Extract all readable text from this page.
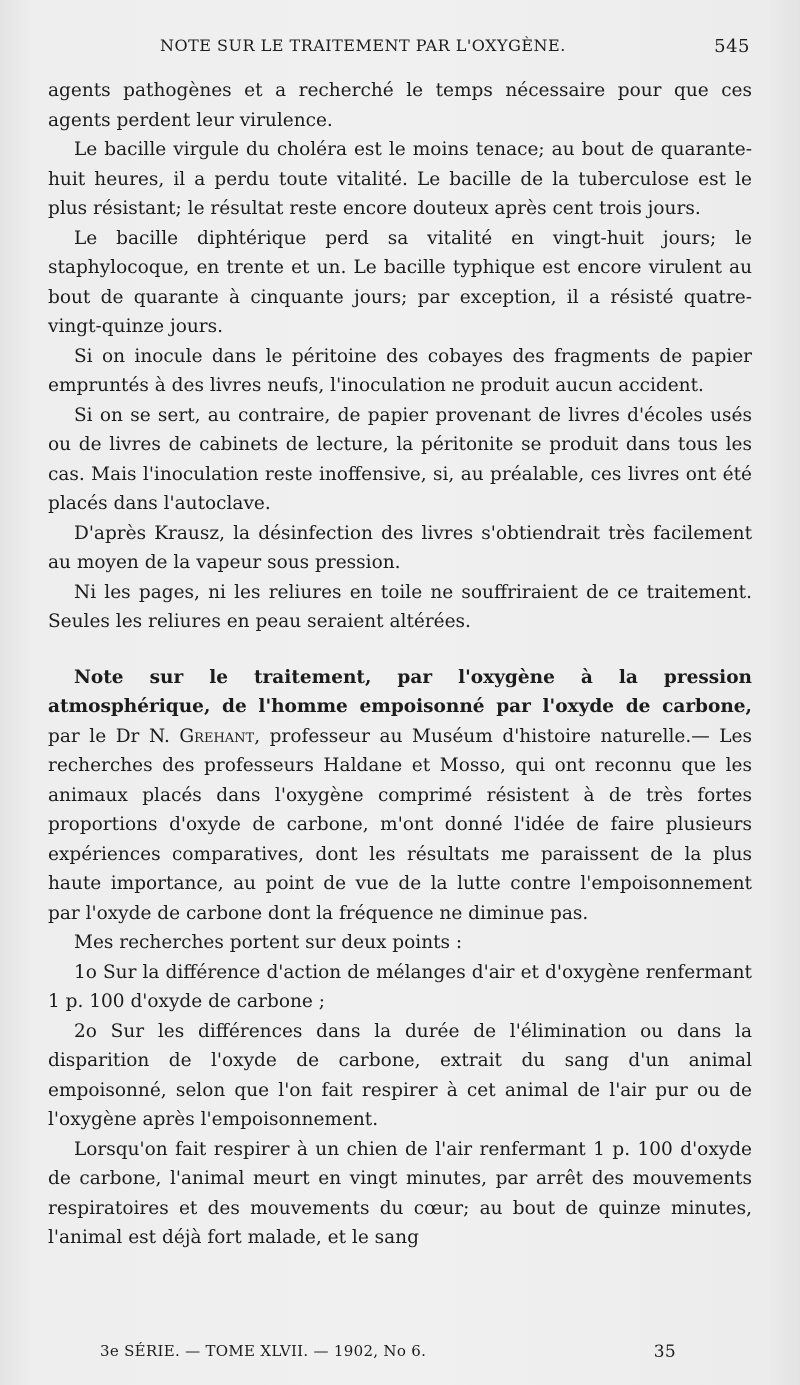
NOTE SUR LE TRAITEMENT PAR L'OXYGÈNE.	545

agents pathogènes et a recherché le temps nécessaire pour que ces agents perdent leur virulence.

Le bacille virgule du choléra est le moins tenace; au bout de quarante-huit heures, il a perdu toute vitalité. Le bacille de la tuberculose est le plus résistant; le résultat reste encore douteux après cent trois jours.

Le bacille diphtérique perd sa vitalité en vingt-huit jours; le staphylocoque, en trente et un. Le bacille typhique est encore virulent au bout de quarante à cinquante jours; par exception, il a résisté quatre-vingt-quinze jours.

Si on inocule dans le péritoine des cobayes des fragments de papier empruntés à des livres neufs, l'inoculation ne produit aucun accident.

Si on se sert, au contraire, de papier provenant de livres d'écoles usés ou de livres de cabinets de lecture, la péritonite se produit dans tous les cas. Mais l'inoculation reste inoffensive, si, au préalable, ces livres ont été placés dans l'autoclave.

D'après Krausz, la désinfection des livres s'obtiendrait très facilement au moyen de la vapeur sous pression.

Ni les pages, ni les reliures en toile ne souffriraient de ce traitement. Seules les reliures en peau seraient altérées.

Note sur le traitement, par l'oxygène à la pression atmosphérique, de l'homme empoisonné par l'oxyde de carbone, par le Dr N. Grehant, professeur au Muséum d'histoire naturelle.— Les recherches des professeurs Haldane et Mosso, qui ont reconnu que les animaux placés dans l'oxygène comprimé résistent à de très fortes proportions d'oxyde de carbone, m'ont donné l'idée de faire plusieurs expériences comparatives, dont les résultats me paraissent de la plus haute importance, au point de vue de la lutte contre l'empoisonnement par l'oxyde de carbone dont la fréquence ne diminue pas.

Mes recherches portent sur deux points :

1o Sur la différence d'action de mélanges d'air et d'oxygène renfermant 1 p. 100 d'oxyde de carbone ;

2o Sur les différences dans la durée de l'élimination ou dans la disparition de l'oxyde de carbone, extrait du sang d'un animal empoisonné, selon que l'on fait respirer à cet animal de l'air pur ou de l'oxygène après l'empoisonnement.

Lorsqu'on fait respirer à un chien de l'air renfermant 1 p. 100 d'oxyde de carbone, l'animal meurt en vingt minutes, par arrêt des mouvements respiratoires et des mouvements du cœur; au bout de quinze minutes, l'animal est déjà fort malade, et le sang

3e SÉRIE. — TOME XLVII. — 1902, No 6.	35
